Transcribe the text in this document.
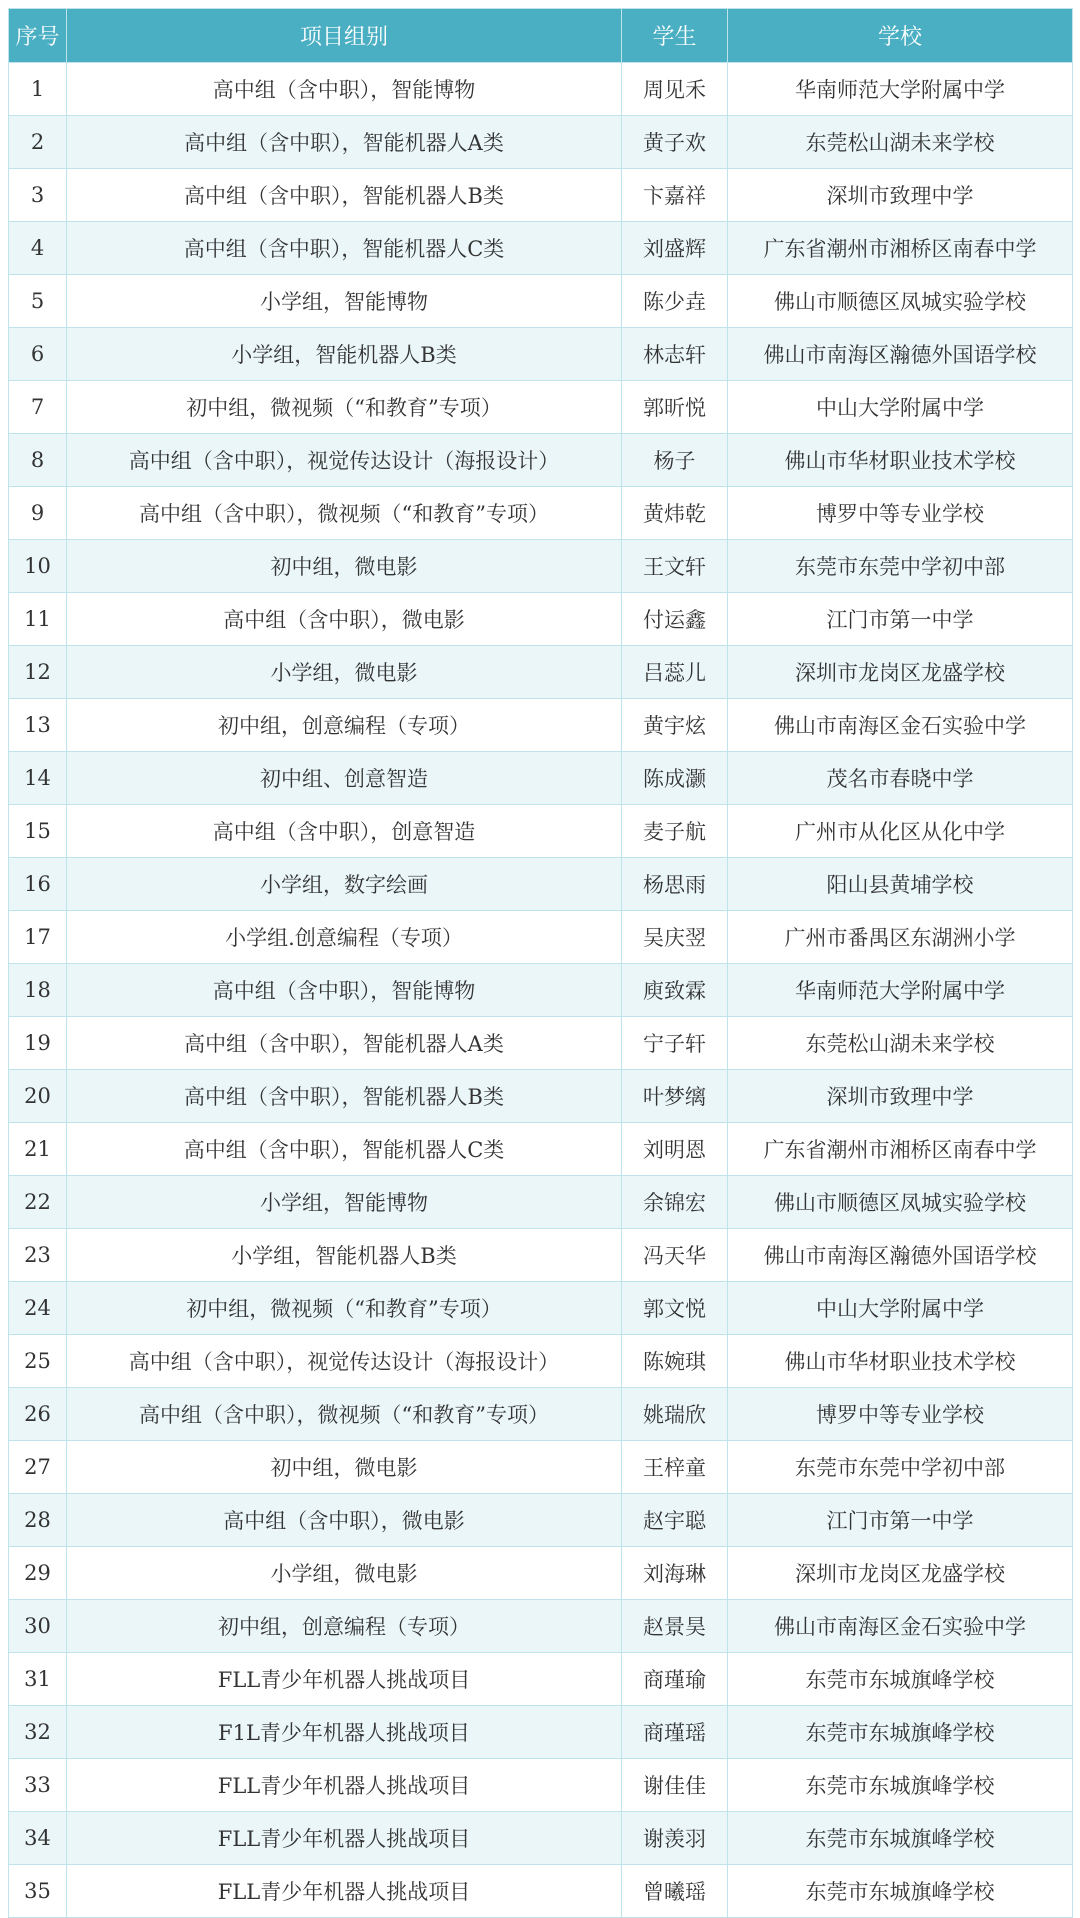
序号	项目组别	学生	学校
1	高中组（含中职），智能博物	周见禾	华南师范大学附属中学
2	高中组（含中职），智能机器人A类	黄子欢	东莞松山湖未来学校
3	高中组（含中职），智能机器人B类	卞嘉祥	深圳市致理中学
4	高中组（含中职），智能机器人C类	刘盛辉	广东省潮州市湘桥区南春中学
5	小学组，智能博物	陈少垚	佛山市顺德区凤城实验学校
6	小学组，智能机器人B类	林志轩	佛山市南海区瀚德外国语学校
7	初中组，微视频（“和教育”专项）	郭昕悦	中山大学附属中学
8	高中组（含中职），视觉传达设计（海报设计）	杨子	佛山市华材职业技术学校
9	高中组（含中职），微视频（“和教育”专项）	黄炜乾	博罗中等专业学校
10	初中组，微电影	王文轩	东莞市东莞中学初中部
11	高中组（含中职），微电影	付运鑫	江门市第一中学
12	小学组，微电影	吕蕊儿	深圳市龙岗区龙盛学校
13	初中组，创意编程（专项）	黄宇炫	佛山市南海区金石实验中学
14	初中组、创意智造	陈成灏	茂名市春晓中学
15	高中组（含中职），创意智造	麦子航	广州市从化区从化中学
16	小学组，数字绘画	杨思雨	阳山县黄埔学校
17	小学组.创意编程（专项）	吴庆翌	广州市番禺区东湖洲小学
18	高中组（含中职），智能博物	庾致霖	华南师范大学附属中学
19	高中组（含中职），智能机器人A类	宁子轩	东莞松山湖未来学校
20	高中组（含中职），智能机器人B类	叶梦缡	深圳市致理中学
21	高中组（含中职），智能机器人C类	刘明恩	广东省潮州市湘桥区南春中学
22	小学组，智能博物	余锦宏	佛山市顺德区凤城实验学校
23	小学组，智能机器人B类	冯天华	佛山市南海区瀚德外国语学校
24	初中组，微视频（“和教育”专项）	郭文悦	中山大学附属中学
25	高中组（含中职），视觉传达设计（海报设计）	陈婉琪	佛山市华材职业技术学校
26	高中组（含中职），微视频（“和教育”专项）	姚瑞欣	博罗中等专业学校
27	初中组，微电影	王梓童	东莞市东莞中学初中部
28	高中组（含中职），微电影	赵宇聪	江门市第一中学
29	小学组，微电影	刘海琳	深圳市龙岗区龙盛学校
30	初中组，创意编程（专项）	赵景昊	佛山市南海区金石实验中学
31	FLL青少年机器人挑战项目	商瑾瑜	东莞市东城旗峰学校
32	F1L青少年机器人挑战项目	商瑾瑶	东莞市东城旗峰学校
33	FLL青少年机器人挑战项目	谢佳佳	东莞市东城旗峰学校
34	FLL青少年机器人挑战项目	谢羡羽	东莞市东城旗峰学校
35	FLL青少年机器人挑战项目	曾曦瑶	东莞市东城旗峰学校
